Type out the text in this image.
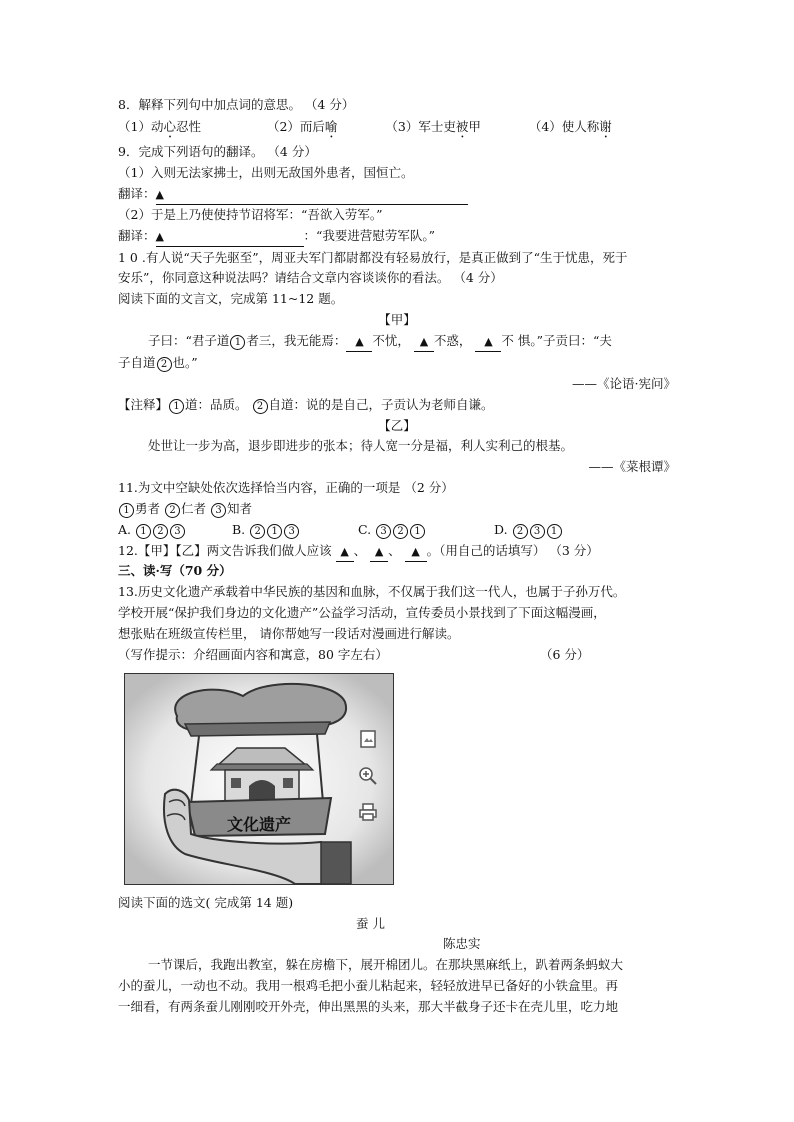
8．解释下列句中加点词的意思。 （4 分）
（1）动心忍性	（2）而后喻	（3）军士吏被甲	（4）使人称谢
9．完成下列语句的翻译。 （4 分）
（1）入则无法家拂士，出则无敌国外患者，国恒亡。
翻译：▲
（2）于是上乃使使持节诏将军：“吾欲入劳军。”
翻译：▲	：“我要进营慰劳军队。”
1 0 .有人说“天子先驱至”，周亚夫军门都尉都没有轻易放行，是真正做到了“生于忧患，死于
安乐”，你同意这种说法吗？请结合文章内容谈谈你的看法。 （4 分）
阅读下面的文言文，完成第 11~12 题。
【甲】
子曰：“君子道 1 者三，我无能焉： ▲ 不忧， ▲ 不惑， ▲ 不 惧。”子贡曰：“夫
子自道 2 也。”
——《论语·宪问》
【注释】 1 道：品质。 2 自道：说的是自己，子贡认为老师自谦。
【乙】
处世让一步为高，退步即进步的张本；待人宽一分是福，利人实利己的根基。
——《菜根谭》
11.为文中空缺处依次选择恰当内容，正确的一项是 （2 分）
1 勇者 2 仁者 3 知者
A. 1 2 3	B. 2 1 3	C. 3 2 1	D. 2 3 1
12.【甲】【乙】两文告诉我们做人应该 ▲ 、 ▲ 、 ▲ 。（用自己的话填写） （3 分）
三、读·写（70 分）
13.历史文化遗产承载着中华民族的基因和血脉，不仅属于我们这一代人，也属于子孙万代。
学校开展“保护我们身边的文化遗产”公益学习活动，宣传委员小景找到了下面这幅漫画，
想张贴在班级宣传栏里， 请你帮她写一段话对漫画进行解读。
（写作提示：介绍画面内容和寓意，80 字左右）	（6 分）
文化遗产
阅读下面的选文( 完成第 14 题)
蚕 儿
陈忠实
一节课后，我跑出教室，躲在房檐下，展开棉团儿。在那块黑麻纸上，趴着两条蚂蚁大
小的蚕儿，一动也不动。我用一根鸡毛把小蚕儿粘起来，轻轻放进早已备好的小铁盒里。再
一细看，有两条蚕儿刚刚咬开外壳，伸出黑黑的头来，那大半截身子还卡在壳儿里，吃力地
